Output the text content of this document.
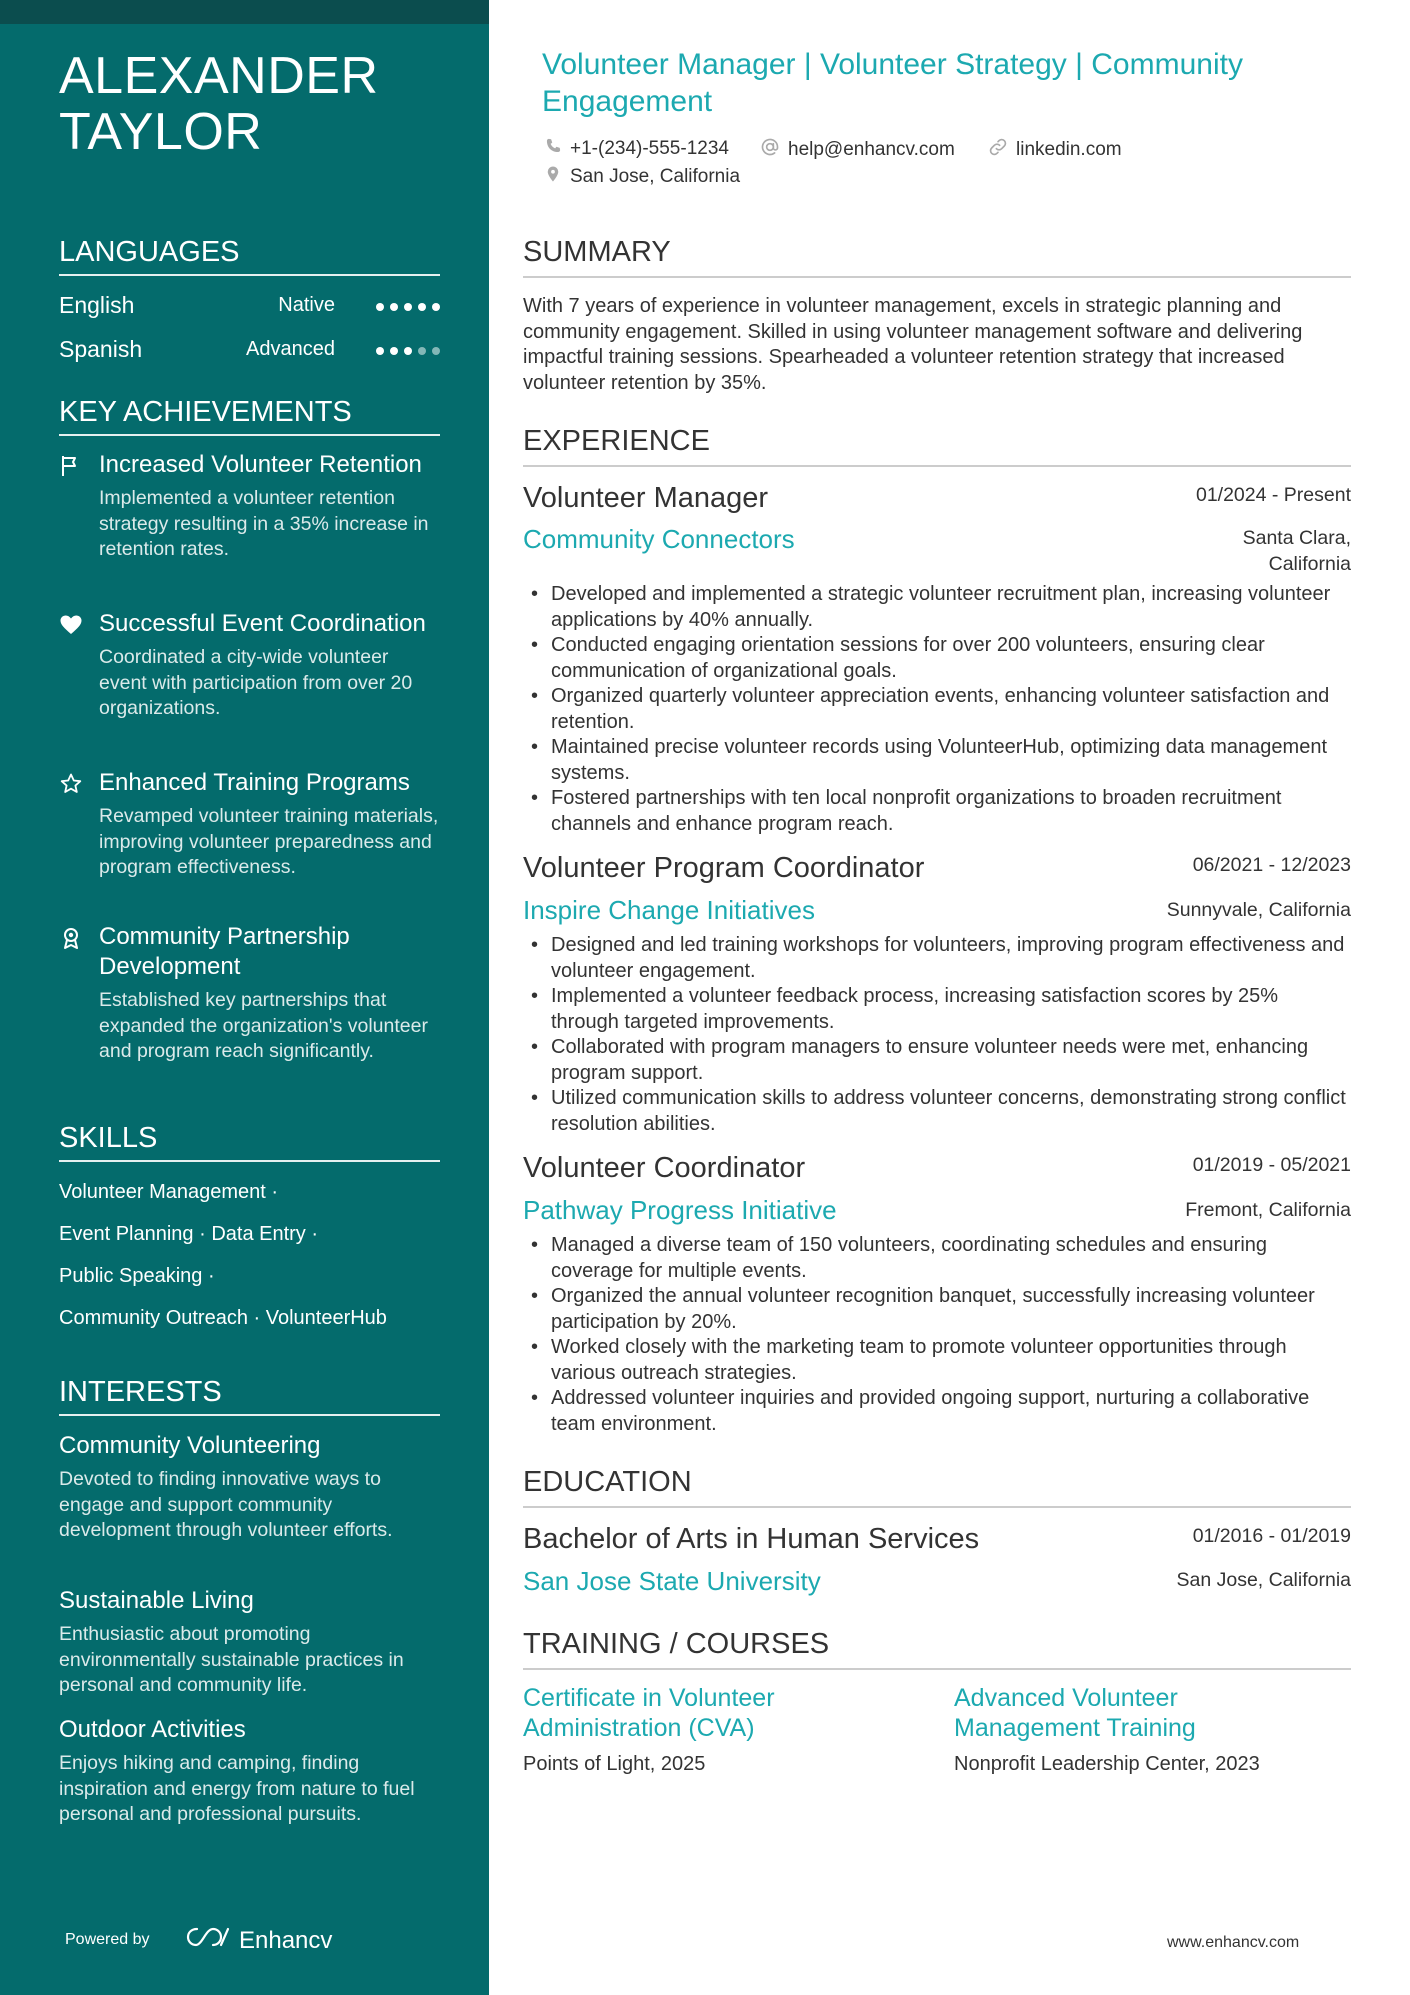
ALEXANDER TAYLOR
LANGUAGES
English	Native
Spanish	Advanced
KEY ACHIEVEMENTS
Increased Volunteer Retention
Implemented a volunteer retention strategy resulting in a 35% increase in retention rates.
Successful Event Coordination
Coordinated a city-wide volunteer event with participation from over 20 organizations.
Enhanced Training Programs
Revamped volunteer training materials, improving volunteer preparedness and program effectiveness.
Community Partnership Development
Established key partnerships that expanded the organization's volunteer and program reach significantly.
SKILLS
Volunteer Management ·
Event Planning · Data Entry ·
Public Speaking ·
Community Outreach · VolunteerHub
INTERESTS
Community Volunteering
Devoted to finding innovative ways to engage and support community development through volunteer efforts.
Sustainable Living
Enthusiastic about promoting environmentally sustainable practices in personal and community life.
Outdoor Activities
Enjoys hiking and camping, finding inspiration and energy from nature to fuel personal and professional pursuits.
Powered by	Enhancv
Volunteer Manager | Volunteer Strategy | Community Engagement
+1-(234)-555-1234	help@enhancv.com	linkedin.com
San Jose, California
SUMMARY
With 7 years of experience in volunteer management, excels in strategic planning and community engagement. Skilled in using volunteer management software and delivering impactful training sessions. Spearheaded a volunteer retention strategy that increased volunteer retention by 35%.
EXPERIENCE
Volunteer Manager	01/2024 - Present
Community Connectors	Santa Clara, California
• Developed and implemented a strategic volunteer recruitment plan, increasing volunteer applications by 40% annually.
• Conducted engaging orientation sessions for over 200 volunteers, ensuring clear communication of organizational goals.
• Organized quarterly volunteer appreciation events, enhancing volunteer satisfaction and retention.
• Maintained precise volunteer records using VolunteerHub, optimizing data management systems.
• Fostered partnerships with ten local nonprofit organizations to broaden recruitment channels and enhance program reach.
Volunteer Program Coordinator	06/2021 - 12/2023
Inspire Change Initiatives	Sunnyvale, California
• Designed and led training workshops for volunteers, improving program effectiveness and volunteer engagement.
• Implemented a volunteer feedback process, increasing satisfaction scores by 25% through targeted improvements.
• Collaborated with program managers to ensure volunteer needs were met, enhancing program support.
• Utilized communication skills to address volunteer concerns, demonstrating strong conflict resolution abilities.
Volunteer Coordinator	01/2019 - 05/2021
Pathway Progress Initiative	Fremont, California
• Managed a diverse team of 150 volunteers, coordinating schedules and ensuring coverage for multiple events.
• Organized the annual volunteer recognition banquet, successfully increasing volunteer participation by 20%.
• Worked closely with the marketing team to promote volunteer opportunities through various outreach strategies.
• Addressed volunteer inquiries and provided ongoing support, nurturing a collaborative team environment.
EDUCATION
Bachelor of Arts in Human Services	01/2016 - 01/2019
San Jose State University	San Jose, California
TRAINING / COURSES
Certificate in Volunteer Administration (CVA)
Points of Light, 2025
Advanced Volunteer Management Training
Nonprofit Leadership Center, 2023
www.enhancv.com
